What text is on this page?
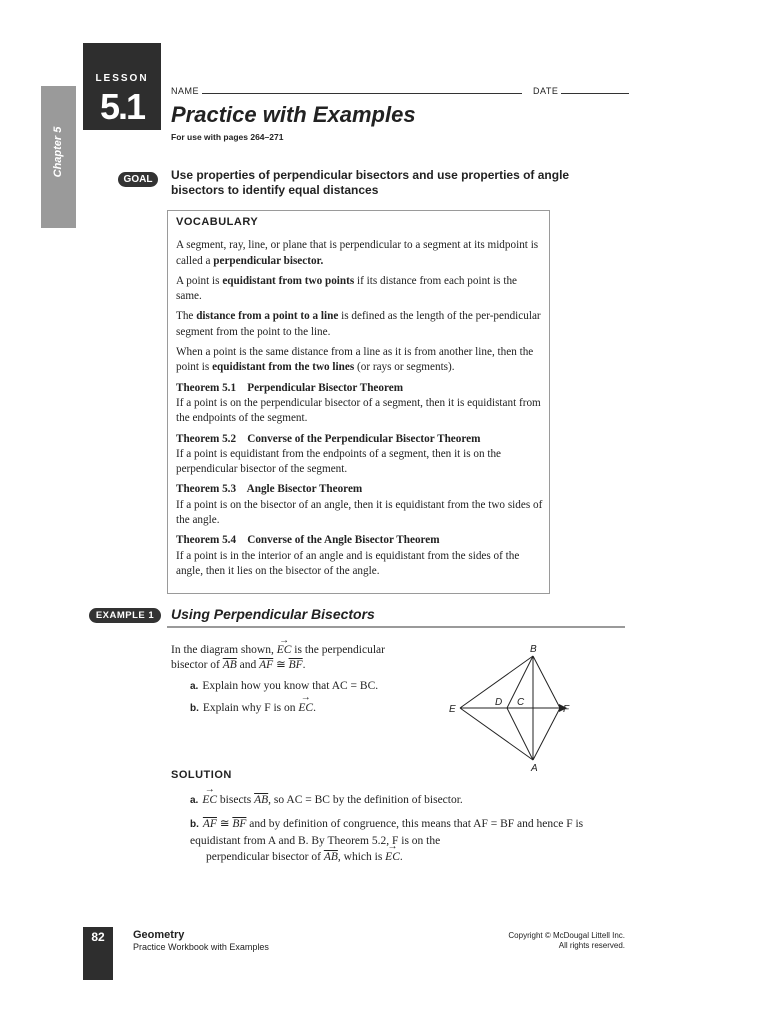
Chapter 5
LESSON
5.1	NAME	DATE
Practice with Examples
For use with pages 264–271
GOAL	Use properties of perpendicular bisectors and use properties of angle bisectors to identify equal distances
VOCABULARY

A segment, ray, line, or plane that is perpendicular to a segment at its midpoint is called a perpendicular bisector.

A point is equidistant from two points if its distance from each point is the same.

The distance from a point to a line is defined as the length of the per-pendicular segment from the point to the line.

When a point is the same distance from a line as it is from another line, then the point is equidistant from the two lines (or rays or segments).

Theorem 5.1    Perpendicular Bisector Theorem
If a point is on the perpendicular bisector of a segment, then it is equidistant from the endpoints of the segment.
Theorem 5.2    Converse of the Perpendicular Bisector Theorem
If a point is equidistant from the endpoints of a segment, then it is on the perpendicular bisector of the segment.
Theorem 5.3    Angle Bisector Theorem
If a point is on the bisector of an angle, then it is equidistant from the two sides of the angle.
Theorem 5.4    Converse of the Angle Bisector Theorem
If a point is in the interior of an angle and is equidistant from the sides of the angle, then it lies on the bisector of the angle.
EXAMPLE 1	Using Perpendicular Bisectors
In the diagram shown, → EC is the perpendicular
bisector of $\overline{AB}$ and $\overline{AF}$ ≅ $\overline{BF}$.
a. Explain how you know that AC = BC.
b. Explain why F is on → EC.
B
A
E	F
D C
SOLUTION
a. → EC bisects $\overline{AB}$, so AC = BC by the definition of bisector.
b. $\overline{AF}$ ≅ $\overline{BF}$ and by definition of congruence, this means that AF = BF and hence F is equidistant from A and B. By Theorem 5.2, F is on the
perpendicular bisector of $\overline{AB}$, which is → EC.
82	Geometry
Practice Workbook with Examples
Copyright © McDougal Littell Inc.
All rights reserved.
